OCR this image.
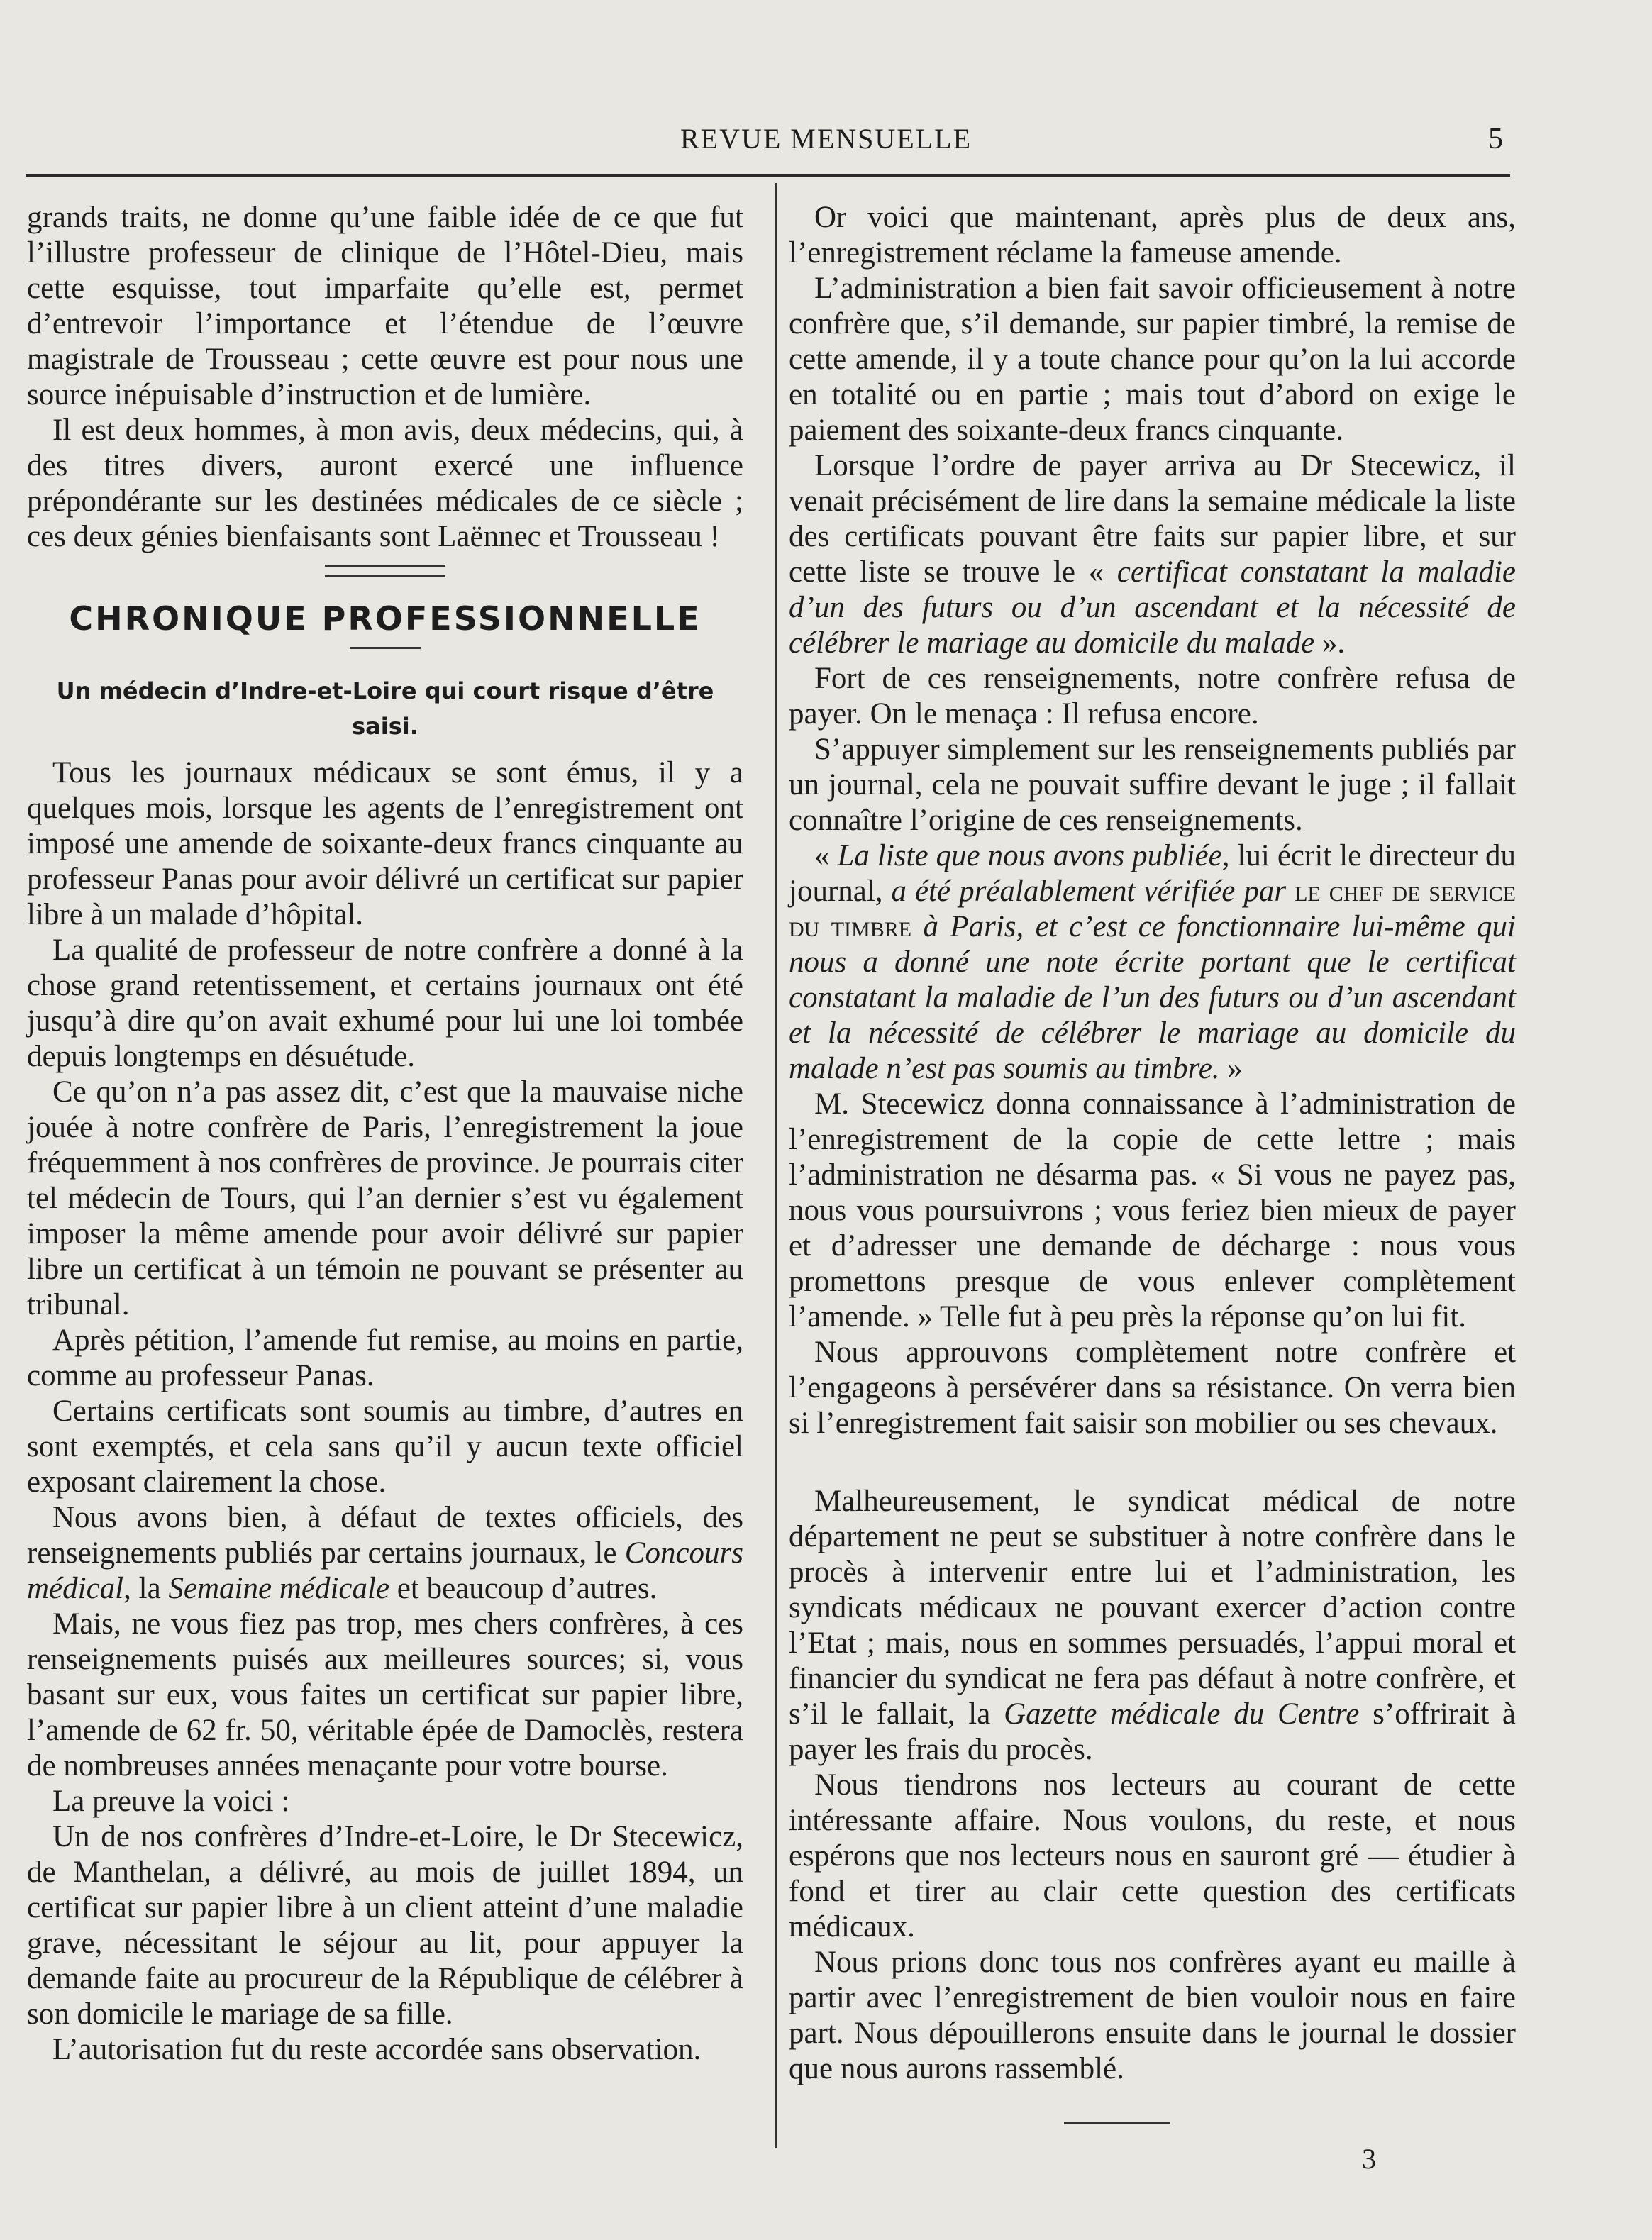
REVUE MENSUELLE	5

grands traits, ne donne qu’une faible idée de ce que fut l’illustre professeur de clinique de l’Hôtel-Dieu, mais cette esquisse, tout imparfaite qu’elle est, permet d’entrevoir l’importance et l’étendue de l’œuvre magistrale de Trousseau ; cette œuvre est pour nous une source inépuisable d’instruction et de lumière.

Il est deux hommes, à mon avis, deux médecins, qui, à des titres divers, auront exercé une influence prépondérante sur les destinées médicales de ce siècle ; ces deux génies bienfaisants sont Laënnec et Trousseau !

CHRONIQUE PROFESSIONNELLE
Un médecin d’Indre-et-Loire qui court risque d’être saisi.

Tous les journaux médicaux se sont émus, il y a quelques mois, lorsque les agents de l’enregistrement ont imposé une amende de soixante-deux francs cinquante au professeur Panas pour avoir délivré un certificat sur papier libre à un malade d’hôpital.

La qualité de professeur de notre confrère a donné à la chose grand retentissement, et certains journaux ont été jusqu’à dire qu’on avait exhumé pour lui une loi tombée depuis longtemps en désuétude.

Ce qu’on n’a pas assez dit, c’est que la mauvaise niche jouée à notre confrère de Paris, l’enregistrement la joue fréquemment à nos confrères de province. Je pourrais citer tel médecin de Tours, qui l’an dernier s’est vu également imposer la même amende pour avoir délivré sur papier libre un certificat à un témoin ne pouvant se présenter au tribunal.

Après pétition, l’amende fut remise, au moins en partie, comme au professeur Panas.

Certains certificats sont soumis au timbre, d’autres en sont exemptés, et cela sans qu’il y aucun texte officiel exposant clairement la chose.

Nous avons bien, à défaut de textes officiels, des renseignements publiés par certains journaux, le Concours médical, la Semaine médicale et beaucoup d’autres.

Mais, ne vous fiez pas trop, mes chers confrères, à ces renseignements puisés aux meilleures sources; si, vous basant sur eux, vous faites un certificat sur papier libre, l’amende de 62 fr. 50, véritable épée de Damoclès, restera de nombreuses années menaçante pour votre bourse.

La preuve la voici :

Un de nos confrères d’Indre-et-Loire, le Dr Stecewicz, de Manthelan, a délivré, au mois de juillet 1894, un certificat sur papier libre à un client atteint d’une maladie grave, nécessitant le séjour au lit, pour appuyer la demande faite au procureur de la République de célébrer à son domicile le mariage de sa fille.

L’autorisation fut du reste accordée sans observation.

Or voici que maintenant, après plus de deux ans, l’enregistrement réclame la fameuse amende.

L’administration a bien fait savoir officieusement à notre confrère que, s’il demande, sur papier timbré, la remise de cette amende, il y a toute chance pour qu’on la lui accorde en totalité ou en partie ; mais tout d’abord on exige le paiement des soixante-deux francs cinquante.

Lorsque l’ordre de payer arriva au Dr Stecewicz, il venait précisément de lire dans la semaine médicale la liste des certificats pouvant être faits sur papier libre, et sur cette liste se trouve le « certificat constatant la maladie d’un des futurs ou d’un ascendant et la nécessité de célébrer le mariage au domicile du malade ».

Fort de ces renseignements, notre confrère refusa de payer. On le menaça : Il refusa encore.

S’appuyer simplement sur les renseignements publiés par un journal, cela ne pouvait suffire devant le juge ; il fallait connaître l’origine de ces renseignements.

« La liste que nous avons publiée, lui écrit le directeur du journal, a été préalablement vérifiée par le chef de service du timbre à Paris, et c’est ce fonctionnaire lui-même qui nous a donné une note écrite portant que le certificat constatant la maladie de l’un des futurs ou d’un ascendant et la nécessité de célébrer le mariage au domicile du malade n’est pas soumis au timbre. »

M. Stecewicz donna connaissance à l’administration de l’enregistrement de la copie de cette lettre ; mais l’administration ne désarma pas. « Si vous ne payez pas, nous vous poursuivrons ; vous feriez bien mieux de payer et d’adresser une demande de décharge : nous vous promettons presque de vous enlever complètement l’amende. » Telle fut à peu près la réponse qu’on lui fit.

Nous approuvons complètement notre confrère et l’engageons à persévérer dans sa résistance. On verra bien si l’enregistrement fait saisir son mobilier ou ses chevaux.

Malheureusement, le syndicat médical de notre département ne peut se substituer à notre confrère dans le procès à intervenir entre lui et l’administration, les syndicats médicaux ne pouvant exercer d’action contre l’Etat ; mais, nous en sommes persuadés, l’appui moral et financier du syndicat ne fera pas défaut à notre confrère, et s’il le fallait, la Gazette médicale du Centre s’offrirait à payer les frais du procès.

Nous tiendrons nos lecteurs au courant de cette intéressante affaire. Nous voulons, du reste, et nous espérons que nos lecteurs nous en sauront gré — étudier à fond et tirer au clair cette question des certificats médicaux.

Nous prions donc tous nos confrères ayant eu maille à partir avec l’enregistrement de bien vouloir nous en faire part. Nous dépouillerons ensuite dans le journal le dossier que nous aurons rassemblé.

3
